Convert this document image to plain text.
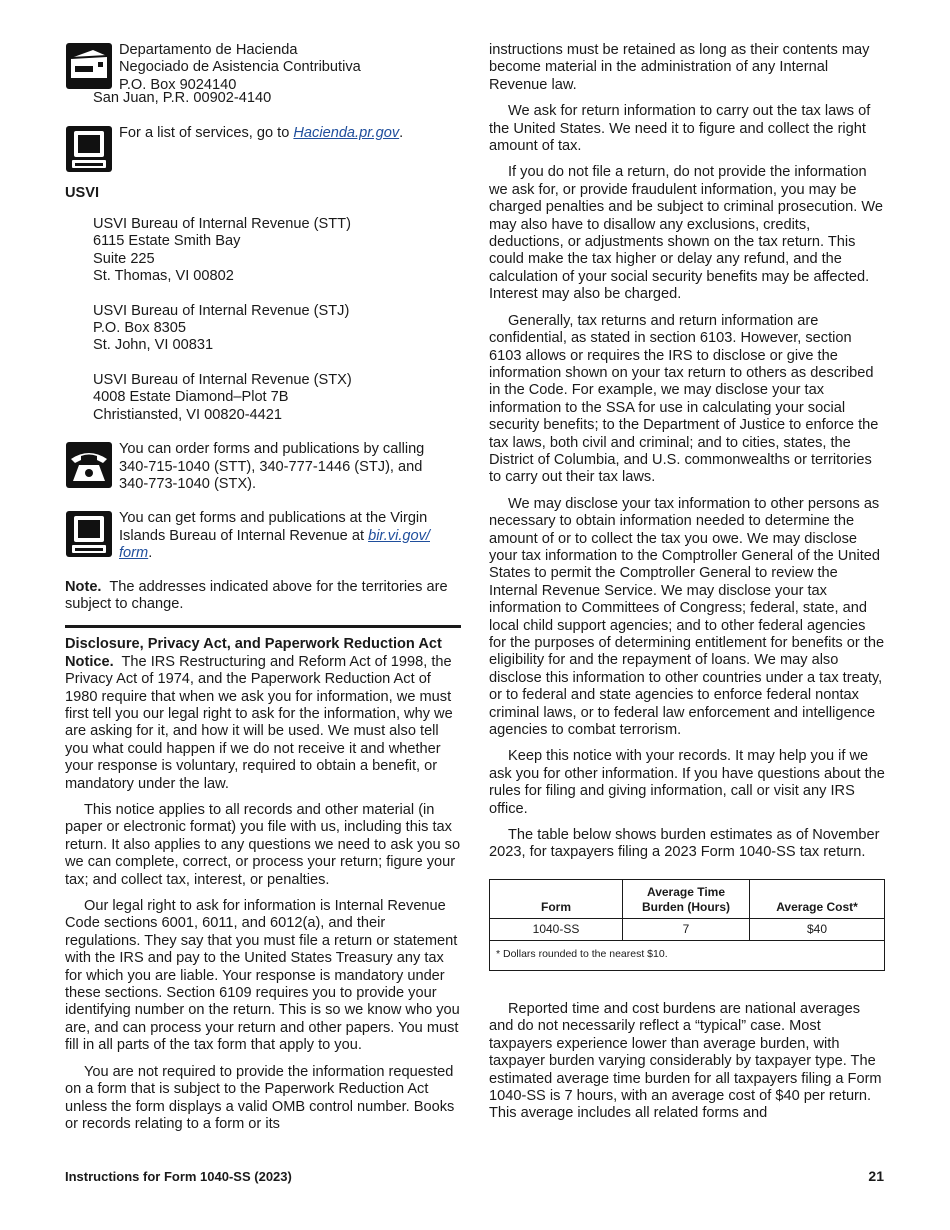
Departamento de Hacienda
Negociado de Asistencia Contributiva
P.O. Box 9024140
San Juan, P.R. 00902-4140
For a list of services, go to Hacienda.pr.gov.
USVI
USVI Bureau of Internal Revenue (STT)
6115 Estate Smith Bay
Suite 225
St. Thomas, VI 00802
USVI Bureau of Internal Revenue (STJ)
P.O. Box 8305
St. John, VI 00831
USVI Bureau of Internal Revenue (STX)
4008 Estate Diamond–Plot 7B
Christiansted, VI 00820-4421
You can order forms and publications by calling
340-715-1040 (STT), 340-777-1446 (STJ), and
340-773-1040 (STX).
You can get forms and publications at the Virgin
Islands Bureau of Internal Revenue at bir.vi.gov/
form.

Note. The addresses indicated above for the territories are subject to change.

Disclosure, Privacy Act, and Paperwork Reduction Act Notice. The IRS Restructuring and Reform Act of 1998, the Privacy Act of 1974, and the Paperwork Reduction Act of 1980 require that when we ask you for information, we must first tell you our legal right to ask for the information, why we are asking for it, and how it will be used. We must also tell you what could happen if we do not receive it and whether your response is voluntary, required to obtain a benefit, or mandatory under the law.

This notice applies to all records and other material (in paper or electronic format) you file with us, including this tax return. It also applies to any questions we need to ask you so we can complete, correct, or process your return; figure your tax; and collect tax, interest, or penalties.

Our legal right to ask for information is Internal Revenue Code sections 6001, 6011, and 6012(a), and their regulations. They say that you must file a return or statement with the IRS and pay to the United States Treasury any tax for which you are liable. Your response is mandatory under these sections. Section 6109 requires you to provide your identifying number on the return. This is so we know who you are, and can process your return and other papers. You must fill in all parts of the tax form that apply to you.

You are not required to provide the information requested on a form that is subject to the Paperwork Reduction Act unless the form displays a valid OMB control number. Books or records relating to a form or its

instructions must be retained as long as their contents may become material in the administration of any Internal Revenue law.

We ask for return information to carry out the tax laws of the United States. We need it to figure and collect the right amount of tax.

If you do not file a return, do not provide the information we ask for, or provide fraudulent information, you may be charged penalties and be subject to criminal prosecution. We may also have to disallow any exclusions, credits, deductions, or adjustments shown on the tax return. This could make the tax higher or delay any refund, and the calculation of your social security benefits may be affected. Interest may also be charged.

Generally, tax returns and return information are confidential, as stated in section 6103. However, section 6103 allows or requires the IRS to disclose or give the information shown on your tax return to others as described in the Code. For example, we may disclose your tax information to the SSA for use in calculating your social security benefits; to the Department of Justice to enforce the tax laws, both civil and criminal; and to cities, states, the District of Columbia, and U.S. commonwealths or territories to carry out their tax laws.

We may disclose your tax information to other persons as necessary to obtain information needed to determine the amount of or to collect the tax you owe. We may disclose your tax information to the Comptroller General of the United States to permit the Comptroller General to review the Internal Revenue Service. We may disclose your tax information to Committees of Congress; federal, state, and local child support agencies; and to other federal agencies for the purposes of determining entitlement for benefits or the eligibility for and the repayment of loans. We may also disclose this information to other countries under a tax treaty, or to federal and state agencies to enforce federal nontax criminal laws, or to federal law enforcement and intelligence agencies to combat terrorism.

Keep this notice with your records. It may help you if we ask you for other information. If you have questions about the rules for filing and giving information, call or visit any IRS office.

The table below shows burden estimates as of November 2023, for taxpayers filing a 2023 Form 1040-SS tax return.

Form	Average Time Burden (Hours)	Average Cost*
1040-SS	7	$40
* Dollars rounded to the nearest $10.		

Reported time and cost burdens are national averages and do not necessarily reflect a “typical” case. Most taxpayers experience lower than average burden, with taxpayer burden varying considerably by taxpayer type. The estimated average time burden for all taxpayers filing a Form 1040-SS is 7 hours, with an average cost of $40 per return. This average includes all related forms and

Instructions for Form 1040-SS (2023)	21
